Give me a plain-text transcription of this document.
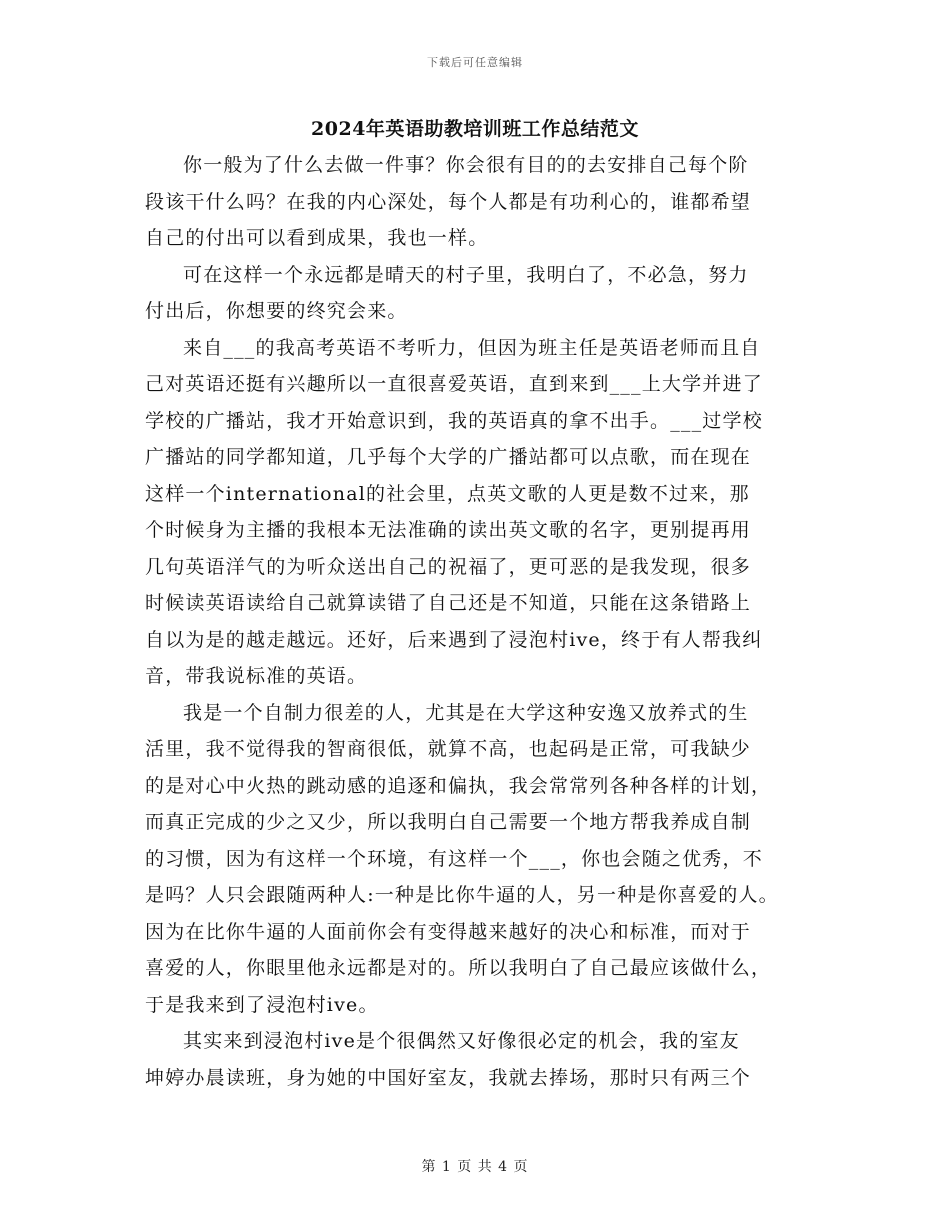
下载后可任意编辑
2024年英语助教培训班工作总结范文

你一般为了什么去做一件事？你会很有目的的去安排自己每个阶
段该干什么吗？在我的内心深处，每个人都是有功利心的，谁都希望
自己的付出可以看到成果，我也一样。

可在这样一个永远都是晴天的村子里，我明白了，不必急，努力
付出后，你想要的终究会来。

来自___的我高考英语不考听力，但因为班主任是英语老师而且自
己对英语还挺有兴趣所以一直很喜爱英语，直到来到___上大学并进了
学校的广播站，我才开始意识到，我的英语真的拿不出手。___过学校
广播站的同学都知道，几乎每个大学的广播站都可以点歌，而在现在
这样一个international的社会里，点英文歌的人更是数不过来，那
个时候身为主播的我根本无法准确的读出英文歌的名字，更别提再用
几句英语洋气的为听众送出自己的祝福了，更可恶的是我发现，很多
时候读英语读给自己就算读错了自己还是不知道，只能在这条错路上
自以为是的越走越远。还好，后来遇到了浸泡村ive，终于有人帮我纠
音，带我说标准的英语。

我是一个自制力很差的人，尤其是在大学这种安逸又放养式的生
活里，我不觉得我的智商很低，就算不高，也起码是正常，可我缺少
的是对心中火热的跳动感的追逐和偏执，我会常常列各种各样的计划，
而真正完成的少之又少，所以我明白自己需要一个地方帮我养成自制
的习惯，因为有这样一个环境，有这样一个___，你也会随之优秀，不
是吗？人只会跟随两种人:一种是比你牛逼的人，另一种是你喜爱的人。
因为在比你牛逼的人面前你会有变得越来越好的决心和标准，而对于
喜爱的人，你眼里他永远都是对的。所以我明白了自己最应该做什么，
于是我来到了浸泡村ive。

其实来到浸泡村ive是个很偶然又好像很必定的机会，我的室友
坤婷办晨读班，身为她的中国好室友，我就去捧场，那时只有两三个

第 1 页 共 4 页
